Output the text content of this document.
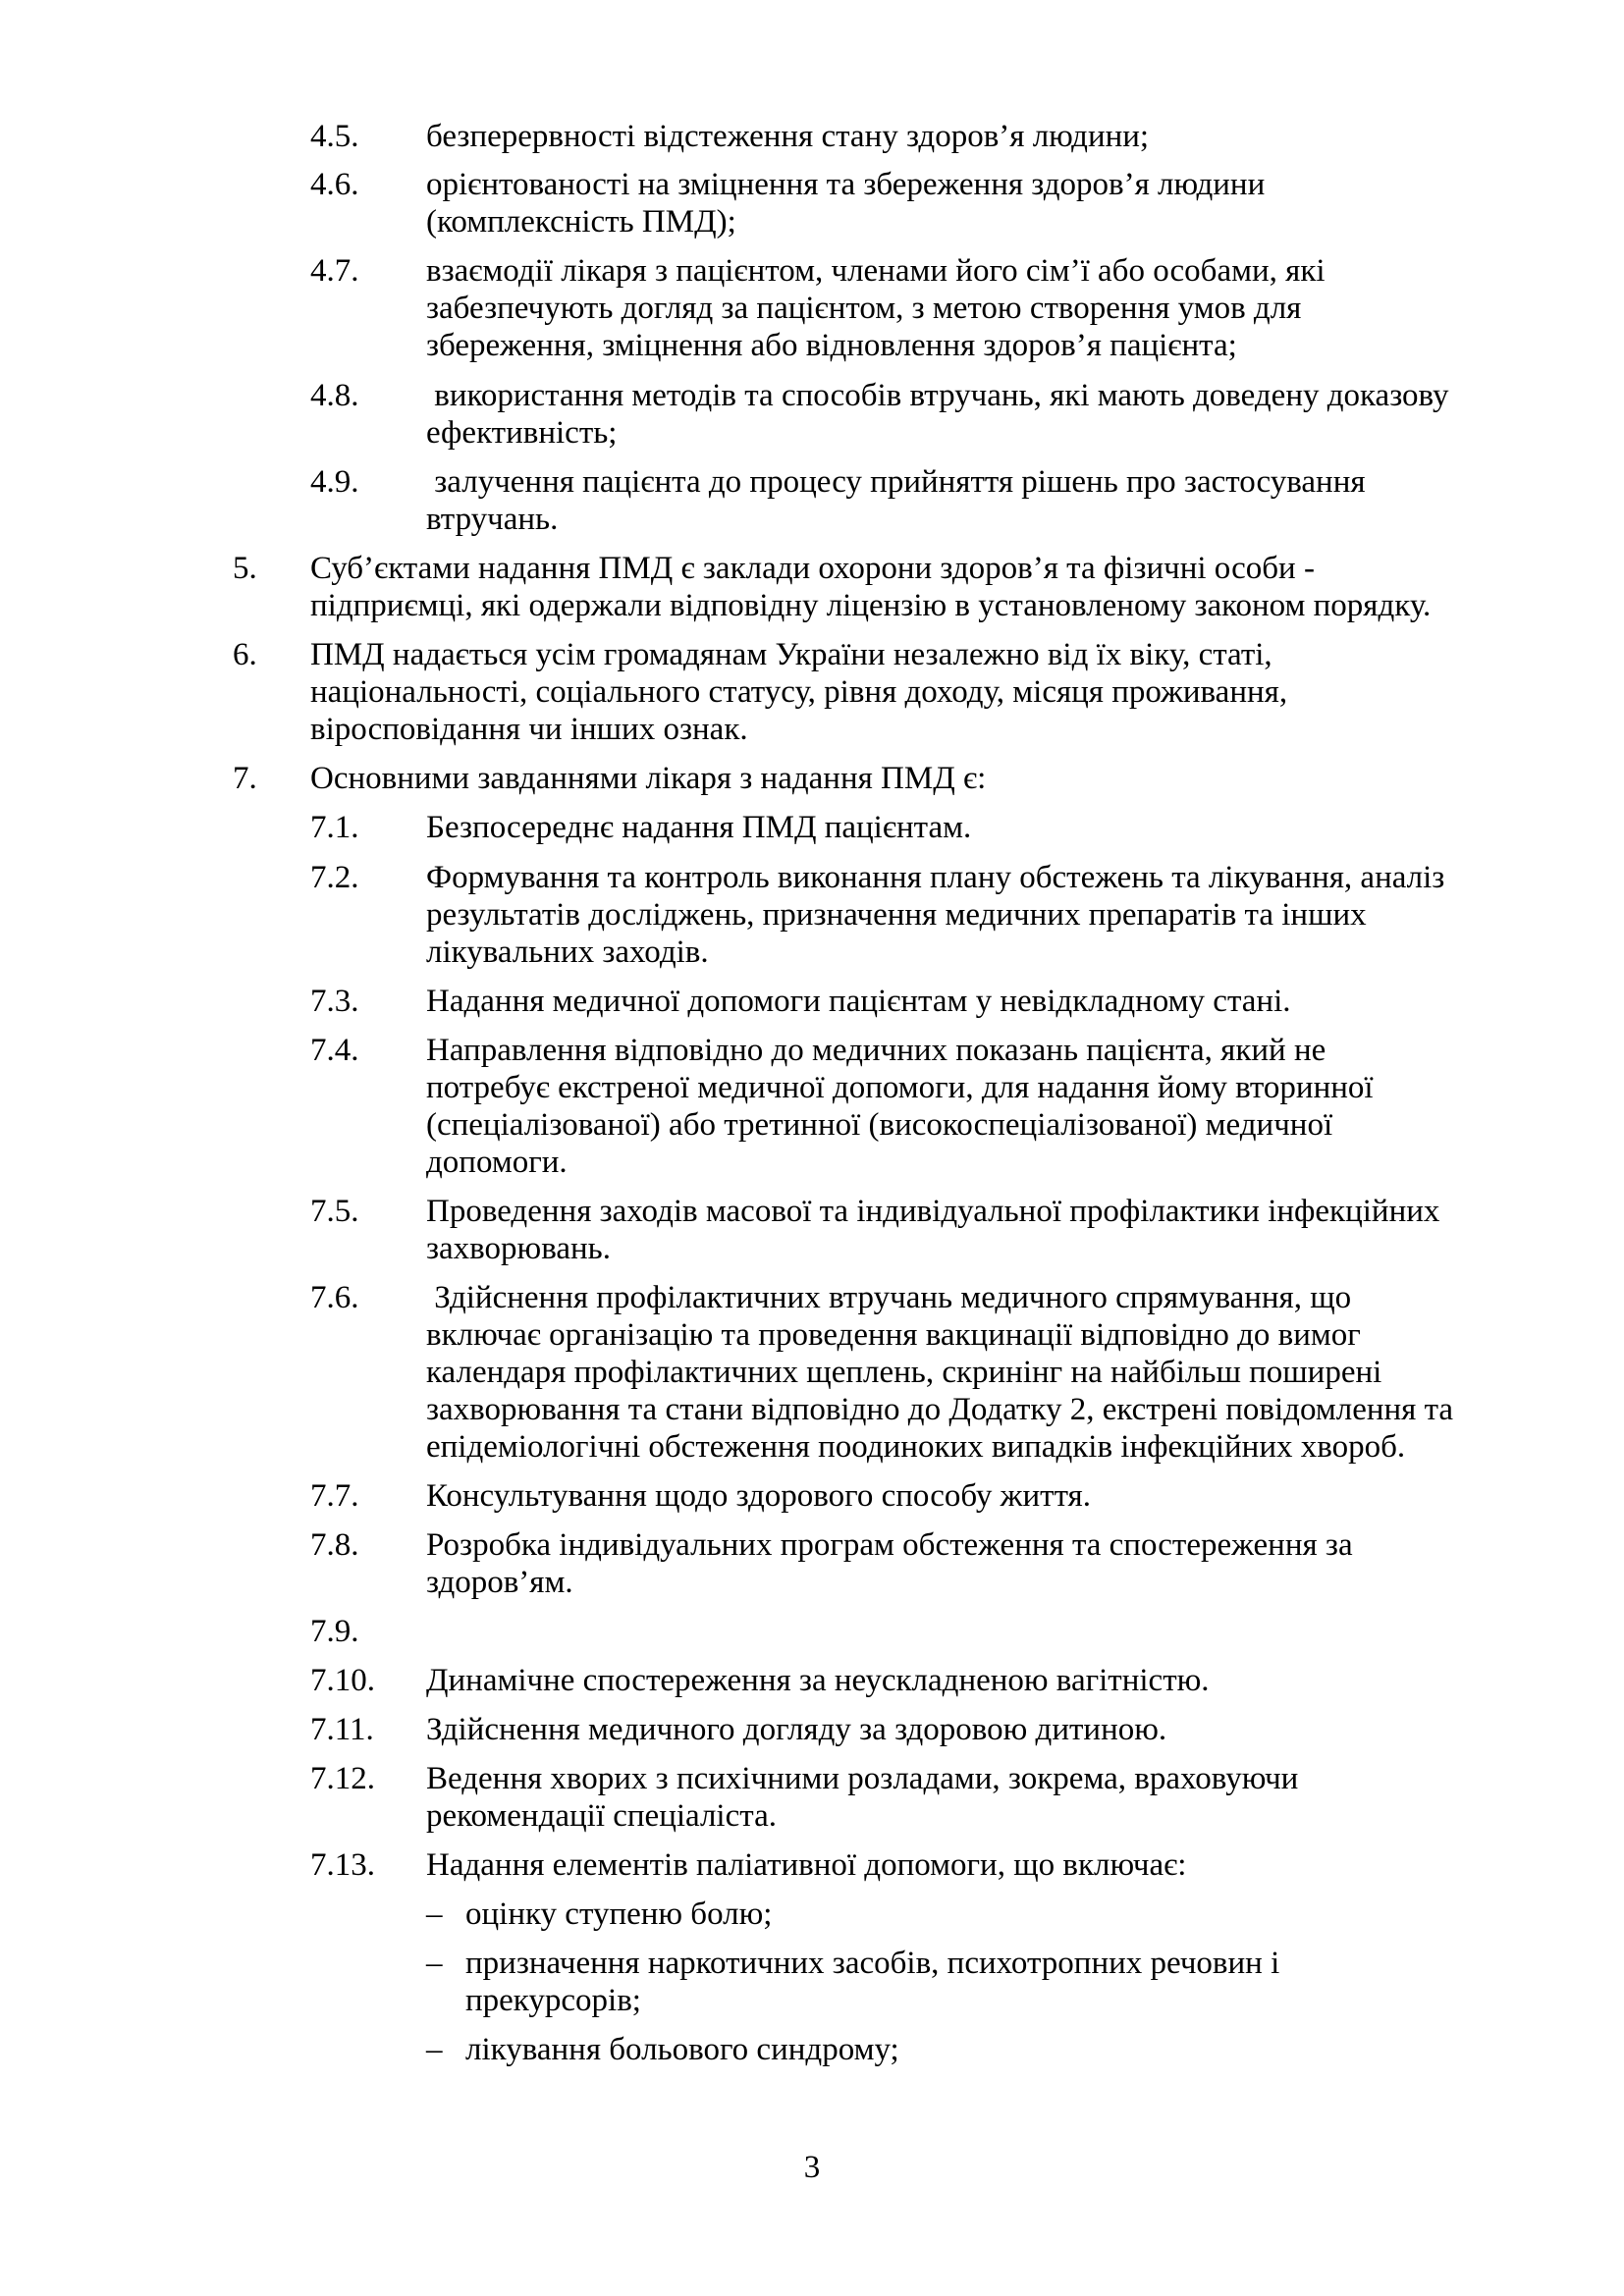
4.5. безперервності відстеження стану здоров’я людини;
4.6. орієнтованості на зміцнення та збереження здоров’я людини
(комплексність ПМД);
4.7. взаємодії лікаря з пацієнтом, членами його сім’ї або особами, які
забезпечують догляд за пацієнтом, з метою створення умов для
збереження, зміцнення або відновлення здоров’я пацієнта;
4.8. використання методів та способів втручань, які мають доведену доказову
ефективність;
4.9. залучення пацієнта до процесу прийняття рішень про застосування
втручань.
5. Суб’єктами надання ПМД є заклади охорони здоров’я та фізичні особи -
підприємці, які одержали відповідну ліцензію в установленому законом порядку.
6. ПМД надається усім громадянам України незалежно від їх віку, статі,
національності, соціального статусу, рівня доходу, місяця проживання,
віросповідання чи інших ознак.
7. Основними завданнями лікаря з надання ПМД є:
7.1. Безпосереднє надання ПМД пацієнтам.
7.2. Формування та контроль виконання плану обстежень та лікування, аналіз
результатів досліджень, призначення медичних препаратів та інших
лікувальних заходів.
7.3. Надання медичної допомоги пацієнтам у невідкладному стані.
7.4. Направлення відповідно до медичних показань пацієнта, який не
потребує екстреної медичної допомоги, для надання йому вторинної
(спеціалізованої) або третинної (високоспеціалізованої) медичної
допомоги.
7.5. Проведення заходів масової та індивідуальної профілактики інфекційних
захворювань.
7.6. Здійснення профілактичних втручань медичного спрямування, що
включає організацію та проведення вакцинації відповідно до вимог
календаря профілактичних щеплень, скринінг на найбільш поширені
захворювання та стани відповідно до Додатку 2, екстрені повідомлення та
епідеміологічні обстеження поодиноких випадків інфекційних хвороб.
7.7. Консультування щодо здорового способу життя.
7.8. Розробка індивідуальних програм обстеження та спостереження за
здоров’ям.
7.9.
7.10. Динамічне спостереження за неускладненою вагітністю.
7.11. Здійснення медичного догляду за здоровою дитиною.
7.12. Ведення хворих з психічними розладами, зокрема, враховуючи
рекомендації спеціаліста.
7.13. Надання елементів паліативної допомоги, що включає:
– оцінку ступеню болю;
– призначення наркотичних засобів, психотропних речовин і
прекурсорів;
– лікування больового синдрому;
3
